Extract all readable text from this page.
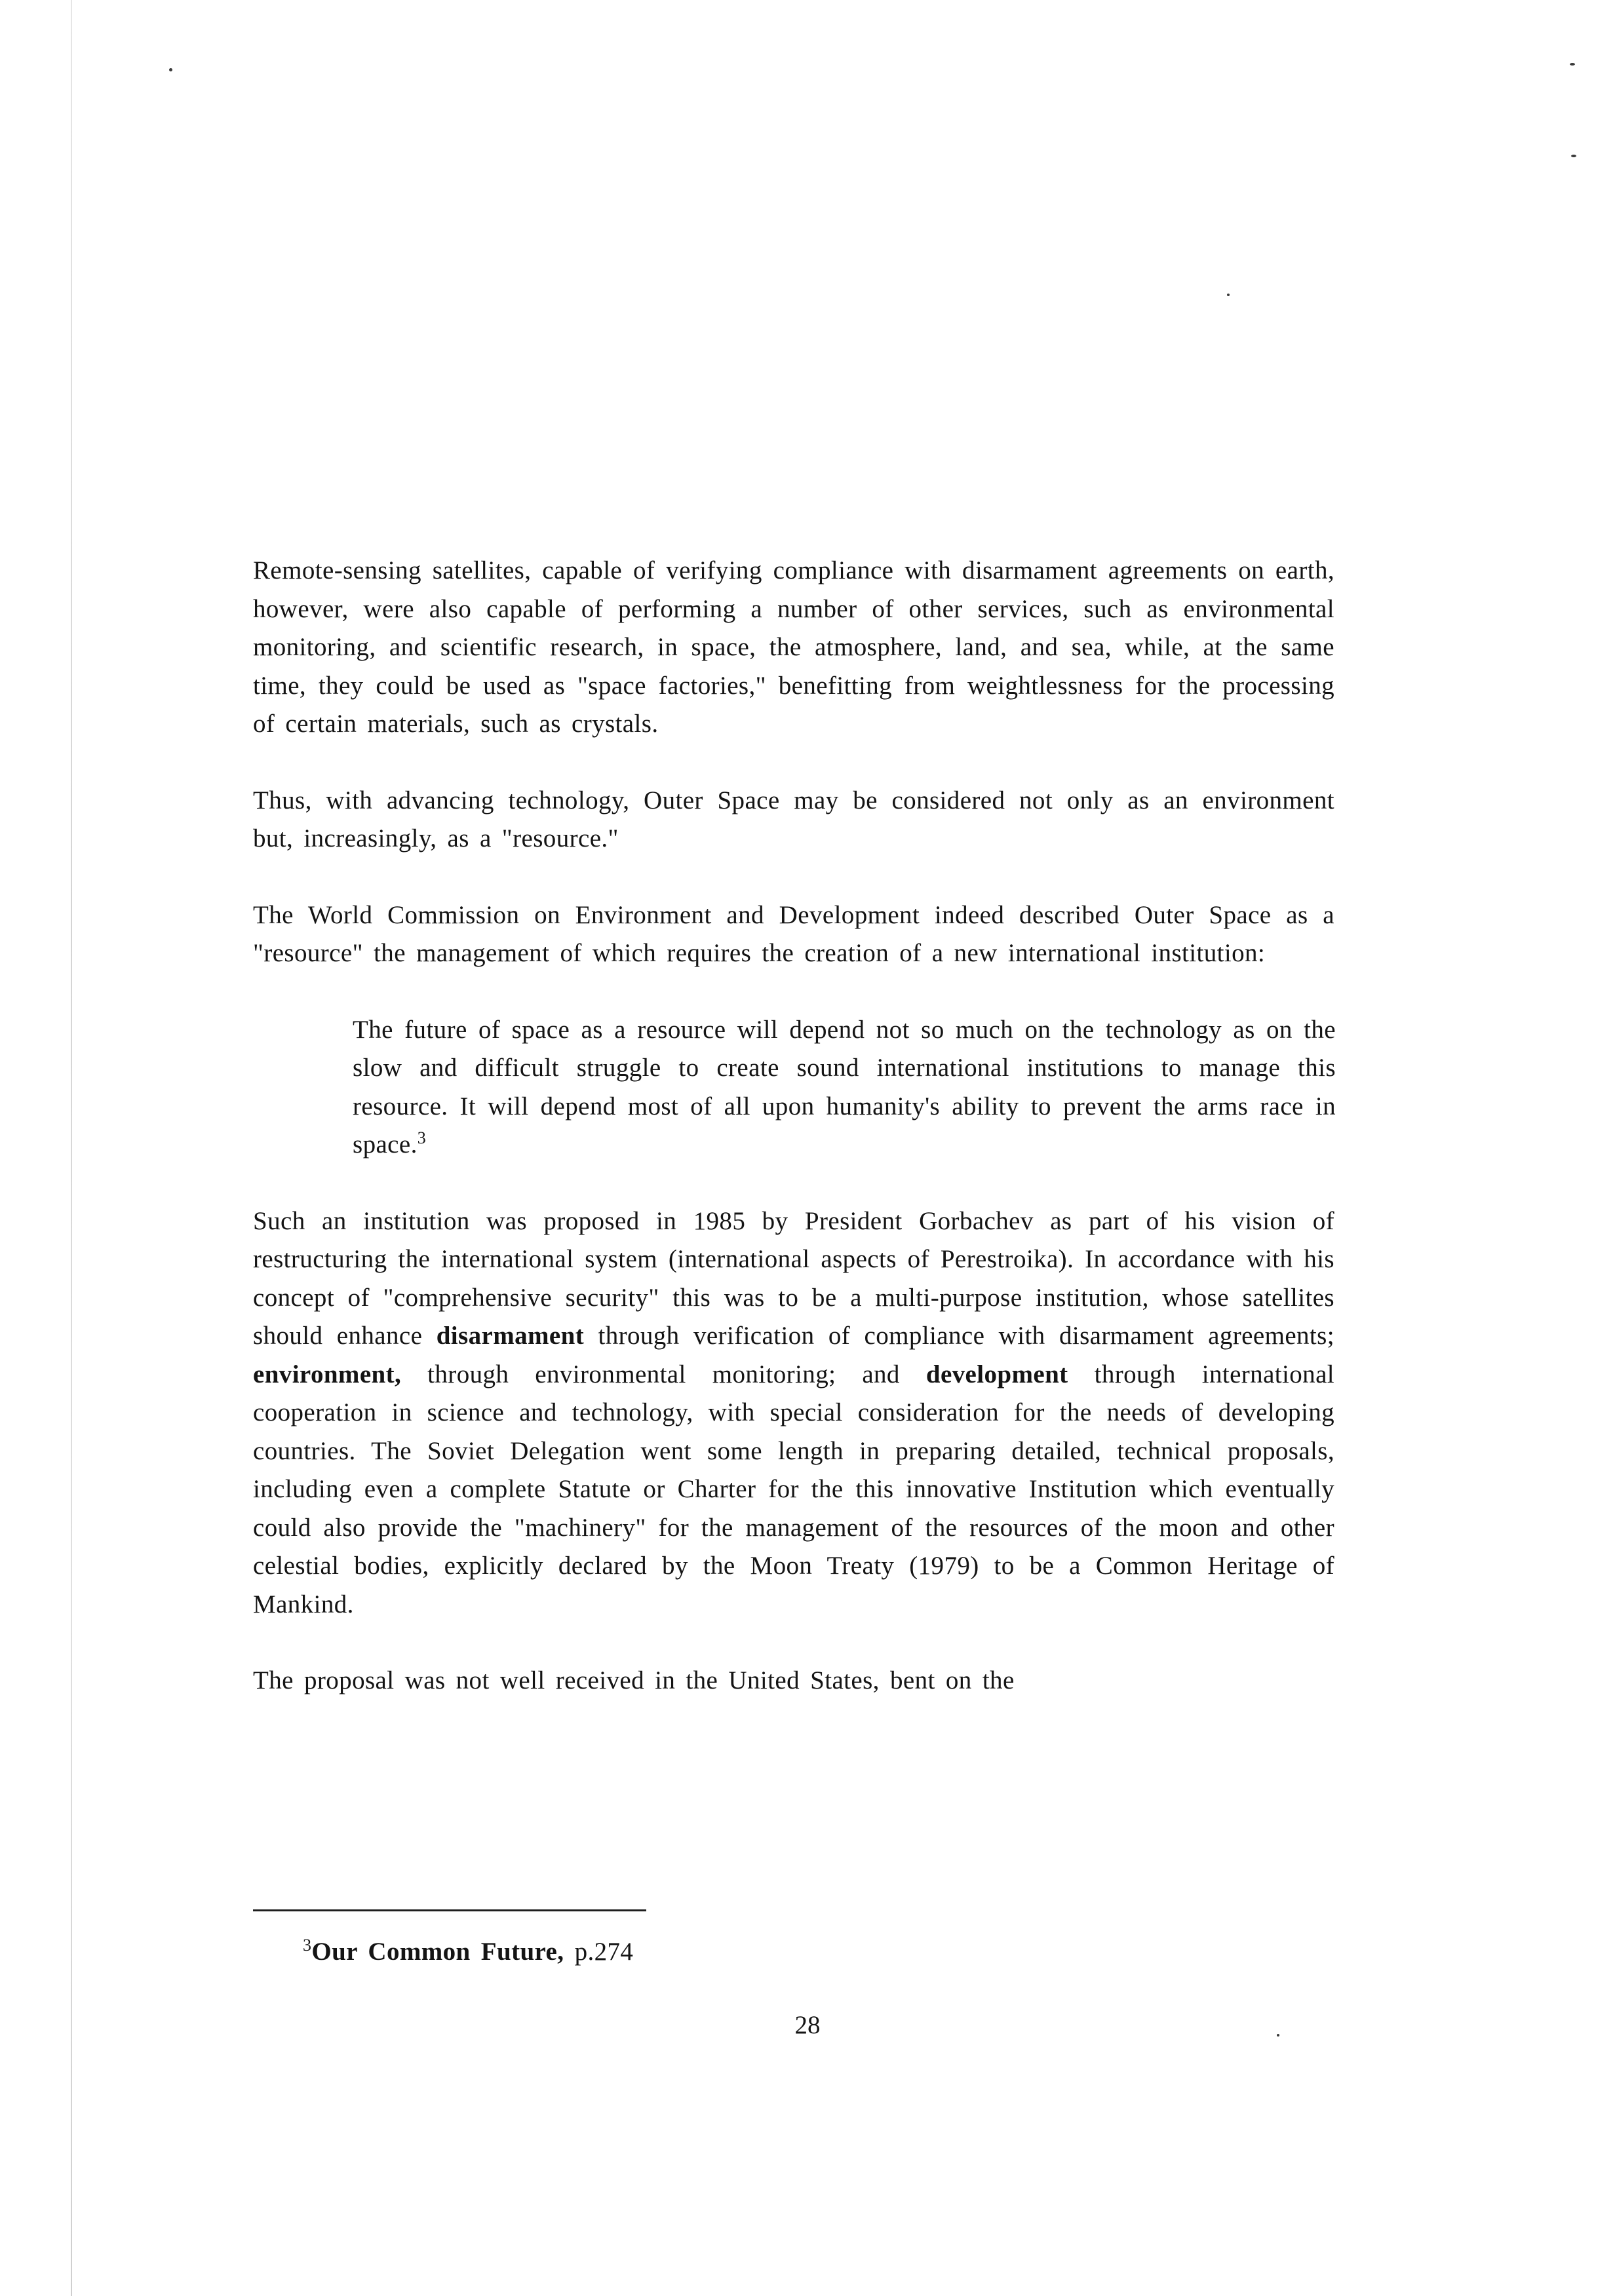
Remote-sensing satellites, capable of verifying compliance with disarmament agreements on earth, however, were also capable of performing a number of other services, such as environmental monitoring, and scientific research, in space, the atmosphere, land, and sea, while, at the same time, they could be used as "space factories," benefitting from weightlessness for the processing of certain materials, such as crystals.

Thus, with advancing technology, Outer Space may be considered not only as an environment but, increasingly, as a "resource."

The World Commission on Environment and Development indeed described Outer Space as a "resource" the management of which requires the creation of a new international institution:

The future of space as a resource will depend not so much on the technology as on the slow and difficult struggle to create sound international institutions to manage this resource. It will depend most of all upon humanity's ability to prevent the arms race in space.$^3$

Such an institution was proposed in 1985 by President Gorbachev as part of his vision of restructuring the international system (international aspects of Perestroika). In accordance with his concept of "comprehensive security" this was to be a multi-purpose institution, whose satellites should enhance disarmament through verification of compliance with disarmament agreements; environment, through environmental monitoring; and development through international cooperation in science and technology, with special consideration for the needs of developing countries. The Soviet Delegation went some length in preparing detailed, technical proposals, including even a complete Statute or Charter for the this innovative Institution which eventually could also provide the "machinery" for the management of the resources of the moon and other celestial bodies, explicitly declared by the Moon Treaty (1979) to be a Common Heritage of Mankind.

The proposal was not well received in the United States, bent on the

$^3$Our Common Future, p.274

28
